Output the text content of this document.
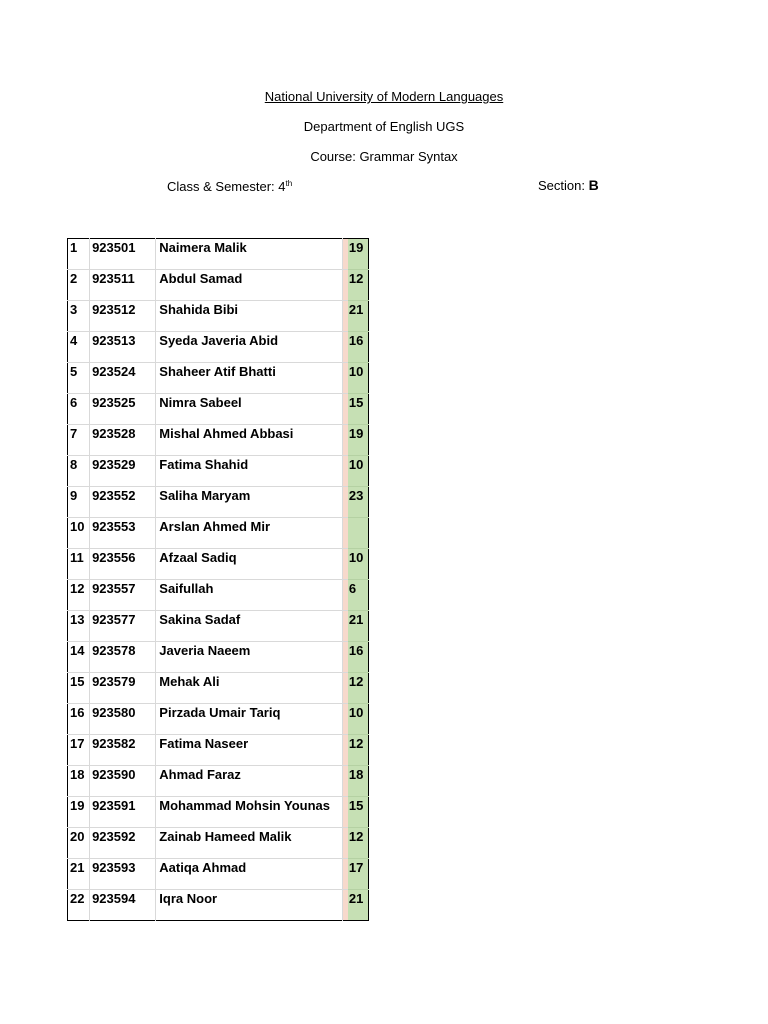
National University of Modern Languages
Department of English UGS
Course: Grammar Syntax
Class & Semester: 4th	Section: B
1	923501	Naimera Malik		19
2	923511	Abdul Samad		12
3	923512	Shahida Bibi		21
4	923513	Syeda Javeria Abid		16
5	923524	Shaheer Atif Bhatti		10
6	923525	Nimra Sabeel		15
7	923528	Mishal Ahmed Abbasi		19
8	923529	Fatima Shahid		10
9	923552	Saliha Maryam		23
10	923553	Arslan Ahmed Mir		
11	923556	Afzaal Sadiq		10
12	923557	Saifullah		6
13	923577	Sakina Sadaf		21
14	923578	Javeria Naeem		16
15	923579	Mehak Ali		12
16	923580	Pirzada Umair Tariq		10
17	923582	Fatima Naseer		12
18	923590	Ahmad Faraz		18
19	923591	Mohammad Mohsin Younas		15
20	923592	Zainab Hameed Malik		12
21	923593	Aatiqa Ahmad		17
22	923594	Iqra Noor		21
